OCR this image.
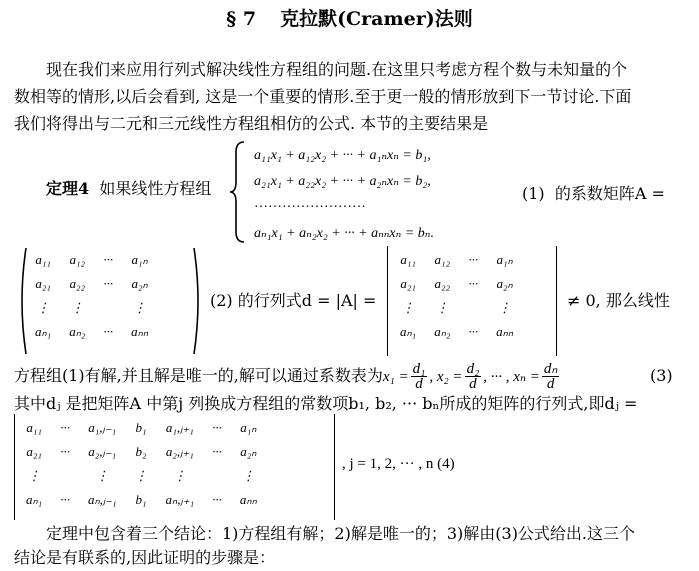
§ 7 克拉默(Cramer)法则
现在我们来应用行列式解决线性方程组的问题.在这里只考虑方程个数与未知量的个
数相等的情形,以后会看到, 这是一个重要的情形.至于更一般的情形放到下一节讨论.下面
我们将得出与二元和三元线性方程组相仿的公式. 本节的主要结果是
定理4 如果线性方程组
a₁₁x₁ + a₁₂x₂ + ··· + a₁ₙxₙ = b₁,
a₂₁x₁ + a₂₂x₂ + ··· + a₂ₙxₙ = b₂,
························
aₙ₁x₁ + aₙ₂x₂ + ··· + aₙₙxₙ = bₙ.
(1) 的系数矩阵A =
a₁₁	a₁₂	···	a₁ₙ
a₂₁	a₂₂	···	a₂ₙ
⋮	⋮		⋮
aₙ₁	aₙ₂	···	aₙₙ
(2) 的行列式d = |A| =
a₁₁	a₁₂	···	a₁ₙ
a₂₁	a₂₂	···	a₂ₙ
⋮	⋮		⋮
aₙ₁	aₙ₂	···	aₙₙ
≠ 0, 那么线性
方程组(1)有解,并且解是唯一的,解可以通过系数表为$x_1 = \frac{\text{d₁}}{d}$ , $x_2 = \frac{\text{d₂}}{d}$ , ··· , $x_n = \frac{\text{dₙ}}{d}$	(3)
其中dⱼ 是把矩阵A 中第j 列换成方程组的常数项b₁, b₂, ··· bₙ所成的矩阵的行列式,即dⱼ =
a₁₁	···	a₁,ⱼ₋₁	b₁	a₁,ⱼ₊₁	···	a₁ₙ
a₂₁	···	a₂,ⱼ₋₁	b₂	a₂,ⱼ₊₁	···	a₂ₙ
⋮		⋮	⋮	⋮		⋮
aₙ₁	···	aₙ,ⱼ₋₁	b₁	aₙ,ⱼ₊₁	···	aₙₙ
, j = 1, 2, ··· , n (4)
定理中包含着三个结论：1)方程组有解；2)解是唯一的；3)解由(3)公式给出.这三个
结论是有联系的,因此证明的步骤是：
